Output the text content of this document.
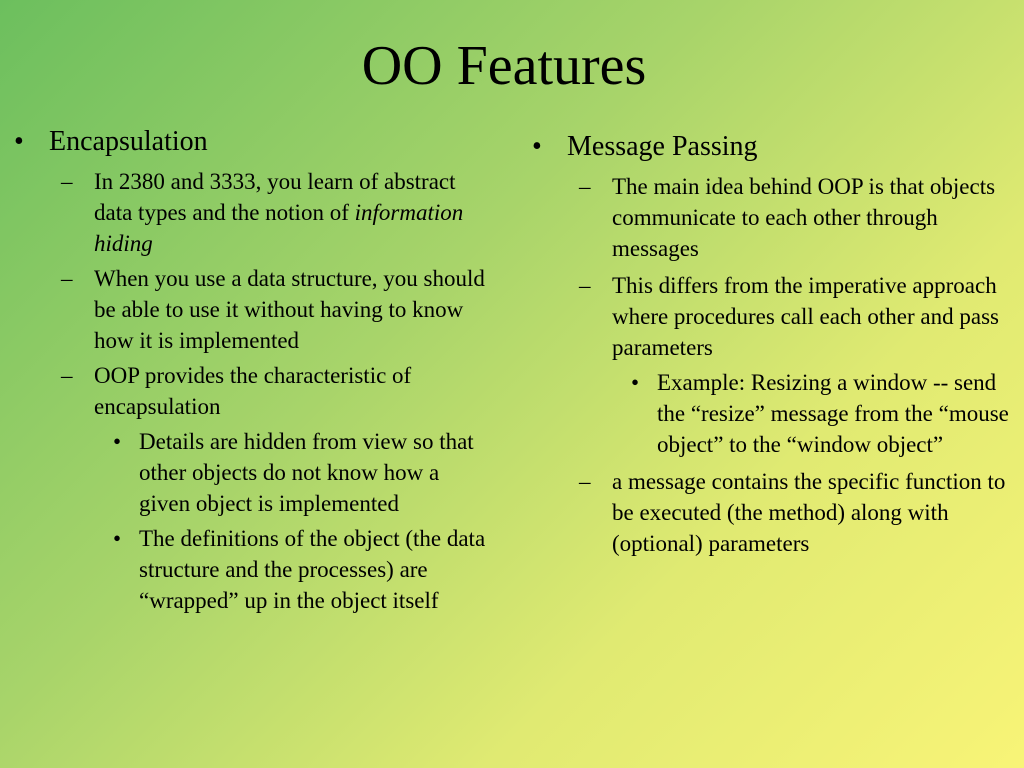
OO Features
• Encapsulation
– In 2380 and 3333, you learn of abstract data types and the notion of information hiding
– When you use a data structure, you should be able to use it without having to know how it is implemented
– OOP provides the characteristic of encapsulation
• Details are hidden from view so that other objects do not know how a given object is implemented
• The definitions of the object (the data structure and the processes) are “wrapped” up in the object itself
• Message Passing
– The main idea behind OOP is that objects communicate to each other through messages
– This differs from the imperative approach where procedures call each other and pass parameters
• Example: Resizing a window -- send the “resize” message from the “mouse object” to the “window object”
– a message contains the specific function to be executed (the method) along with (optional) parameters
